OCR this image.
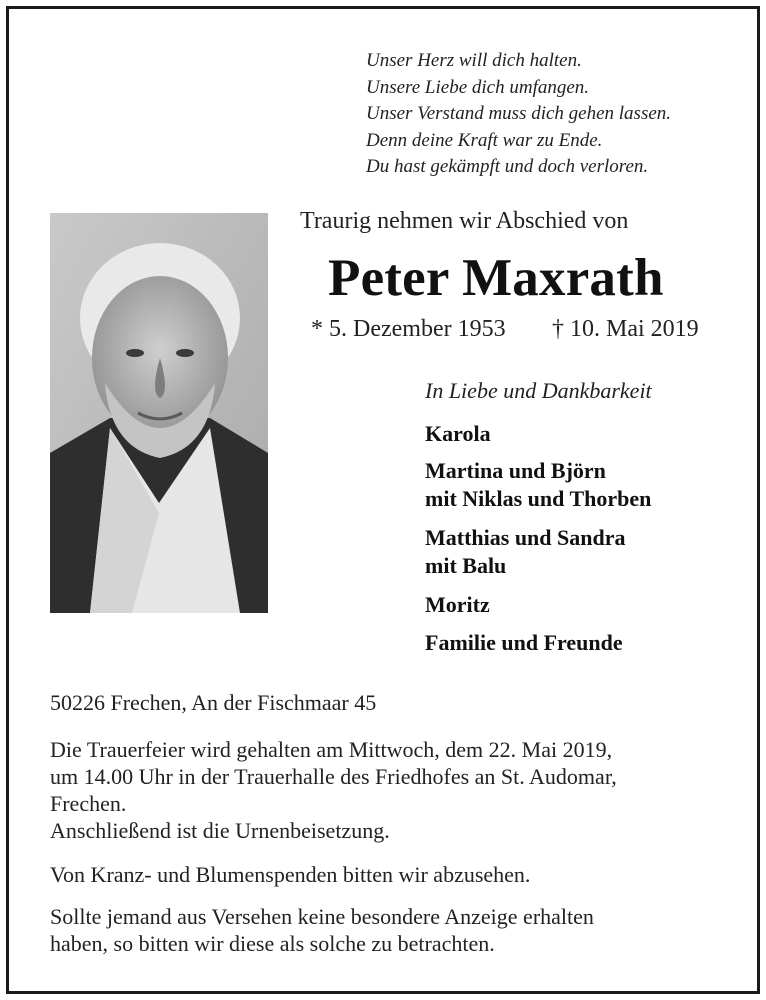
Unser Herz will dich halten.
Unsere Liebe dich umfangen.
Unser Verstand muss dich gehen lassen.
Denn deine Kraft war zu Ende.
Du hast gekämpft und doch verloren.
Traurig nehmen wir Abschied von
Peter Maxrath
* 5. Dezember 1953 † 10. Mai 2019
In Liebe und Dankbarkeit
Karola
Martina und Björn
mit Niklas und Thorben
Matthias und Sandra
mit Balu
Moritz
Familie und Freunde
50226 Frechen, An der Fischmaar 45
Die Trauerfeier wird gehalten am Mittwoch, dem 22. Mai 2019,
um 14.00 Uhr in der Trauerhalle des Friedhofes an St. Audomar,
Frechen.
Anschließend ist die Urnenbeisetzung.
Von Kranz- und Blumenspenden bitten wir abzusehen.
Sollte jemand aus Versehen keine besondere Anzeige erhalten
haben, so bitten wir diese als solche zu betrachten.
